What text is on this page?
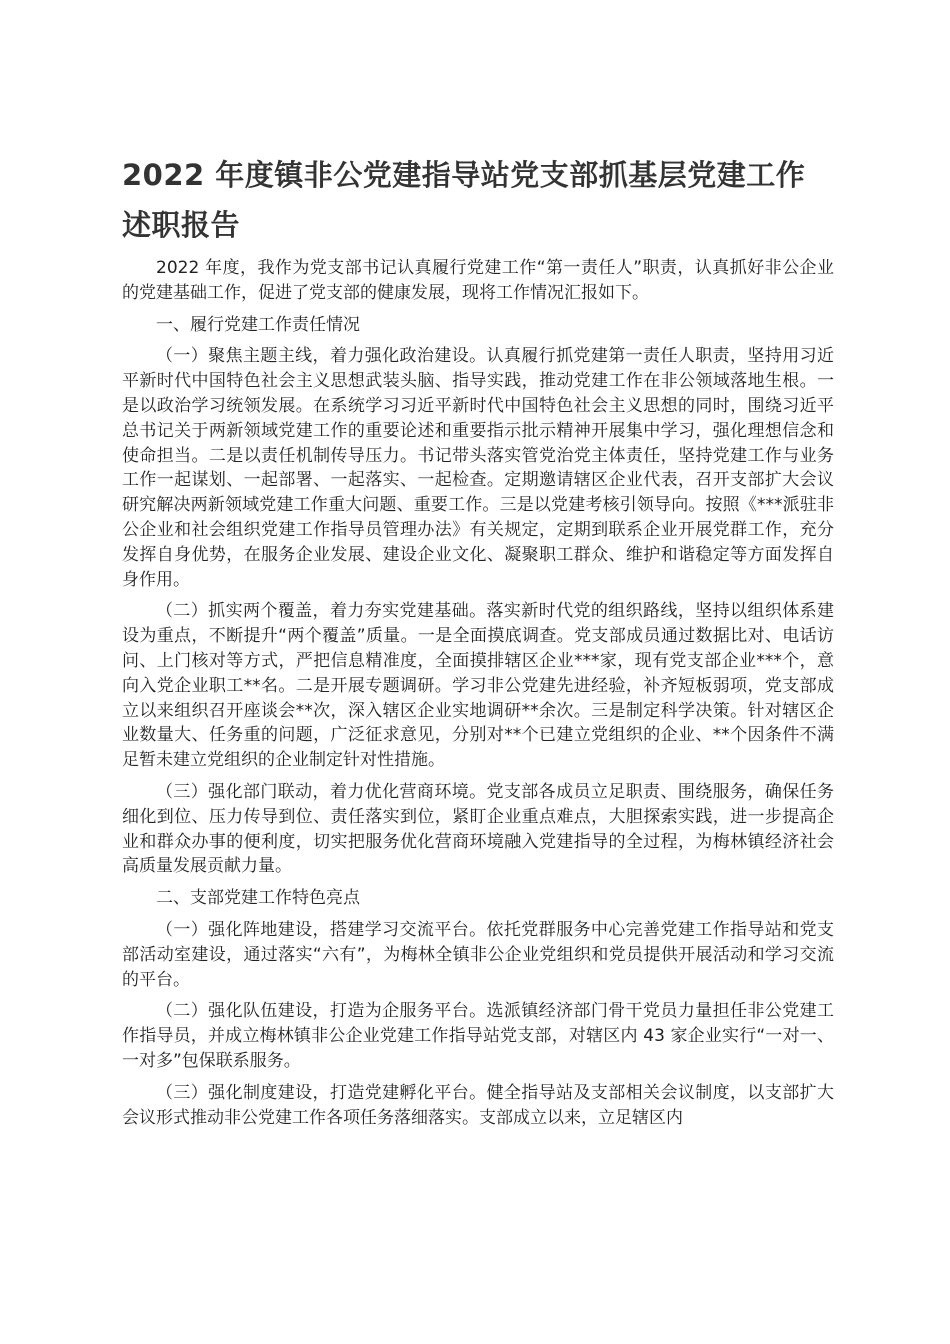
2022 年度镇非公党建指导站党支部抓基层党建工作述职报告

2022 年度，我作为党支部书记认真履行党建工作“第一责任人”职责，认真抓好非公企业的党建基础工作，促进了党支部的健康发展，现将工作情况汇报如下。

一、履行党建工作责任情况

（一）聚焦主题主线，着力强化政治建设。认真履行抓党建第一责任人职责，坚持用习近平新时代中国特色社会主义思想武装头脑、指导实践，推动党建工作在非公领域落地生根。一是以政治学习统领发展。在系统学习习近平新时代中国特色社会主义思想的同时，围绕习近平总书记关于两新领域党建工作的重要论述和重要指示批示精神开展集中学习，强化理想信念和使命担当。二是以责任机制传导压力。书记带头落实管党治党主体责任，坚持党建工作与业务工作一起谋划、一起部署、一起落实、一起检查。定期邀请辖区企业代表，召开支部扩大会议研究解决两新领域党建工作重大问题、重要工作。三是以党建考核引领导向。按照《***派驻非公企业和社会组织党建工作指导员管理办法》有关规定，定期到联系企业开展党群工作，充分发挥自身优势，在服务企业发展、建设企业文化、凝聚职工群众、维护和谐稳定等方面发挥自身作用。

（二）抓实两个覆盖，着力夯实党建基础。落实新时代党的组织路线，坚持以组织体系建设为重点，不断提升“两个覆盖”质量。一是全面摸底调查。党支部成员通过数据比对、电话访问、上门核对等方式，严把信息精准度，全面摸排辖区企业***家，现有党支部企业***个，意向入党企业职工**名。二是开展专题调研。学习非公党建先进经验，补齐短板弱项，党支部成立以来组织召开座谈会**次，深入辖区企业实地调研**余次。三是制定科学决策。针对辖区企业数量大、任务重的问题，广泛征求意见，分别对**个已建立党组织的企业、**个因条件不满足暂未建立党组织的企业制定针对性措施。

（三）强化部门联动，着力优化营商环境。党支部各成员立足职责、围绕服务，确保任务细化到位、压力传导到位、责任落实到位，紧盯企业重点难点，大胆探索实践，进一步提高企业和群众办事的便利度，切实把服务优化营商环境融入党建指导的全过程，为梅林镇经济社会高质量发展贡献力量。

二、支部党建工作特色亮点

（一）强化阵地建设，搭建学习交流平台。依托党群服务中心完善党建工作指导站和党支部活动室建设，通过落实“六有”，为梅林全镇非公企业党组织和党员提供开展活动和学习交流的平台。

（二）强化队伍建设，打造为企服务平台。选派镇经济部门骨干党员力量担任非公党建工作指导员，并成立梅林镇非公企业党建工作指导站党支部，对辖区内 43 家企业实行“一对一、一对多”包保联系服务。

（三）强化制度建设，打造党建孵化平台。健全指导站及支部相关会议制度，以支部扩大会议形式推动非公党建工作各项任务落细落实。支部成立以来，立足辖区内
